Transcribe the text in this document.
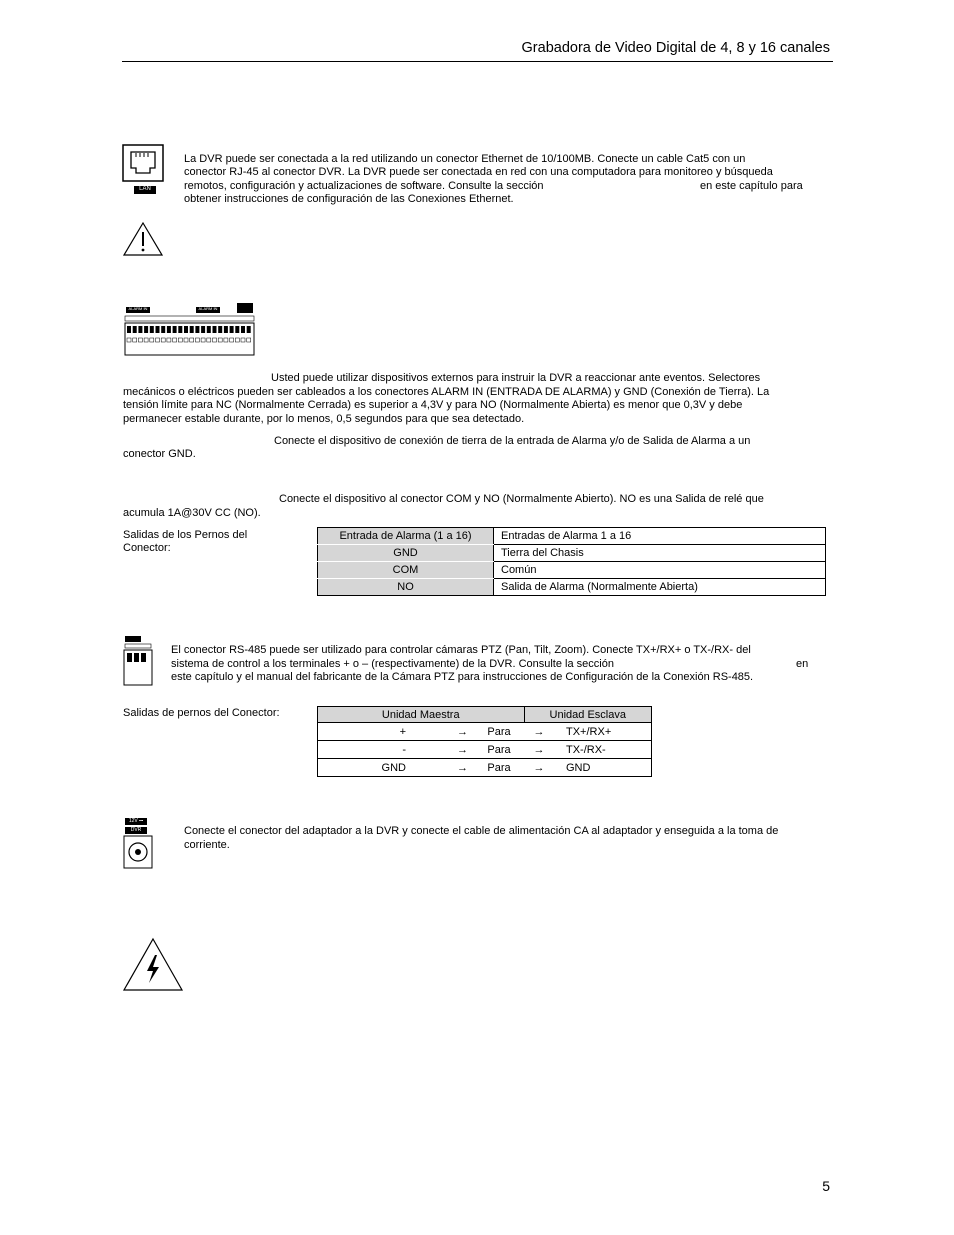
Grabadora de Video Digital de 4, 8 y 16 canales
LAN
La DVR puede ser conectada a la red utilizando un conector Ethernet de 10/100MB. Conecte un cable Cat5 con un
conector RJ-45 al conector DVR. La DVR puede ser conectada en red con una computadora para monitoreo y búsqueda
remotos, configuración y actualizaciones de software. Consulte la sección	en este capítulo para
obtener instrucciones de configuración de las Conexiones Ethernet.
ALARM IN	ALARM IN
Usted puede utilizar dispositivos externos para instruir la DVR a reaccionar ante eventos. Selectores
mecánicos o eléctricos pueden ser cableados a los conectores ALARM IN (ENTRADA DE ALARMA) y GND (Conexión de Tierra). La
tensión límite para NC (Normalmente Cerrada) es superior a 4,3V y para NO (Normalmente Abierta) es menor que 0,3V y debe
permanecer estable durante, por lo menos, 0,5 segundos para que sea detectado.
Conecte el dispositivo de conexión de tierra de la entrada de Alarma y/o de Salida de Alarma a un
conector GND.
Conecte el dispositivo al conector COM y NO (Normalmente Abierto). NO es una Salida de relé que
acumula 1A@30V CC (NO).
Salidas de los Pernos del
Conector:
Entrada de Alarma (1 a 16)	Entradas de Alarma 1 a 16
GND	Tierra del Chasis
COM	Común
NO	Salida de Alarma (Normalmente Abierta)
El conector RS-485 puede ser utilizado para controlar cámaras PTZ (Pan, Tilt, Zoom). Conecte TX+/RX+ o TX-/RX- del
sistema de control a los terminales + o – (respectivamente) de la DVR. Consulte la sección	en
este capítulo y el manual del fabricante de la Cámara PTZ para instrucciones de Configuración de la Conexión RS-485.
Salidas de pernos del Conector:	Unidad Maestra			Unidad Esclava		
+	→	Para	→	TX+/RX+	
-	→	Para	→	TX-/RX-	
GND	→	Para	→	GND	
12V ⎓
DVR	Conecte el conector del adaptador a la DVR y conecte el cable de alimentación CA al adaptador y enseguida a la toma de
corriente.
5
